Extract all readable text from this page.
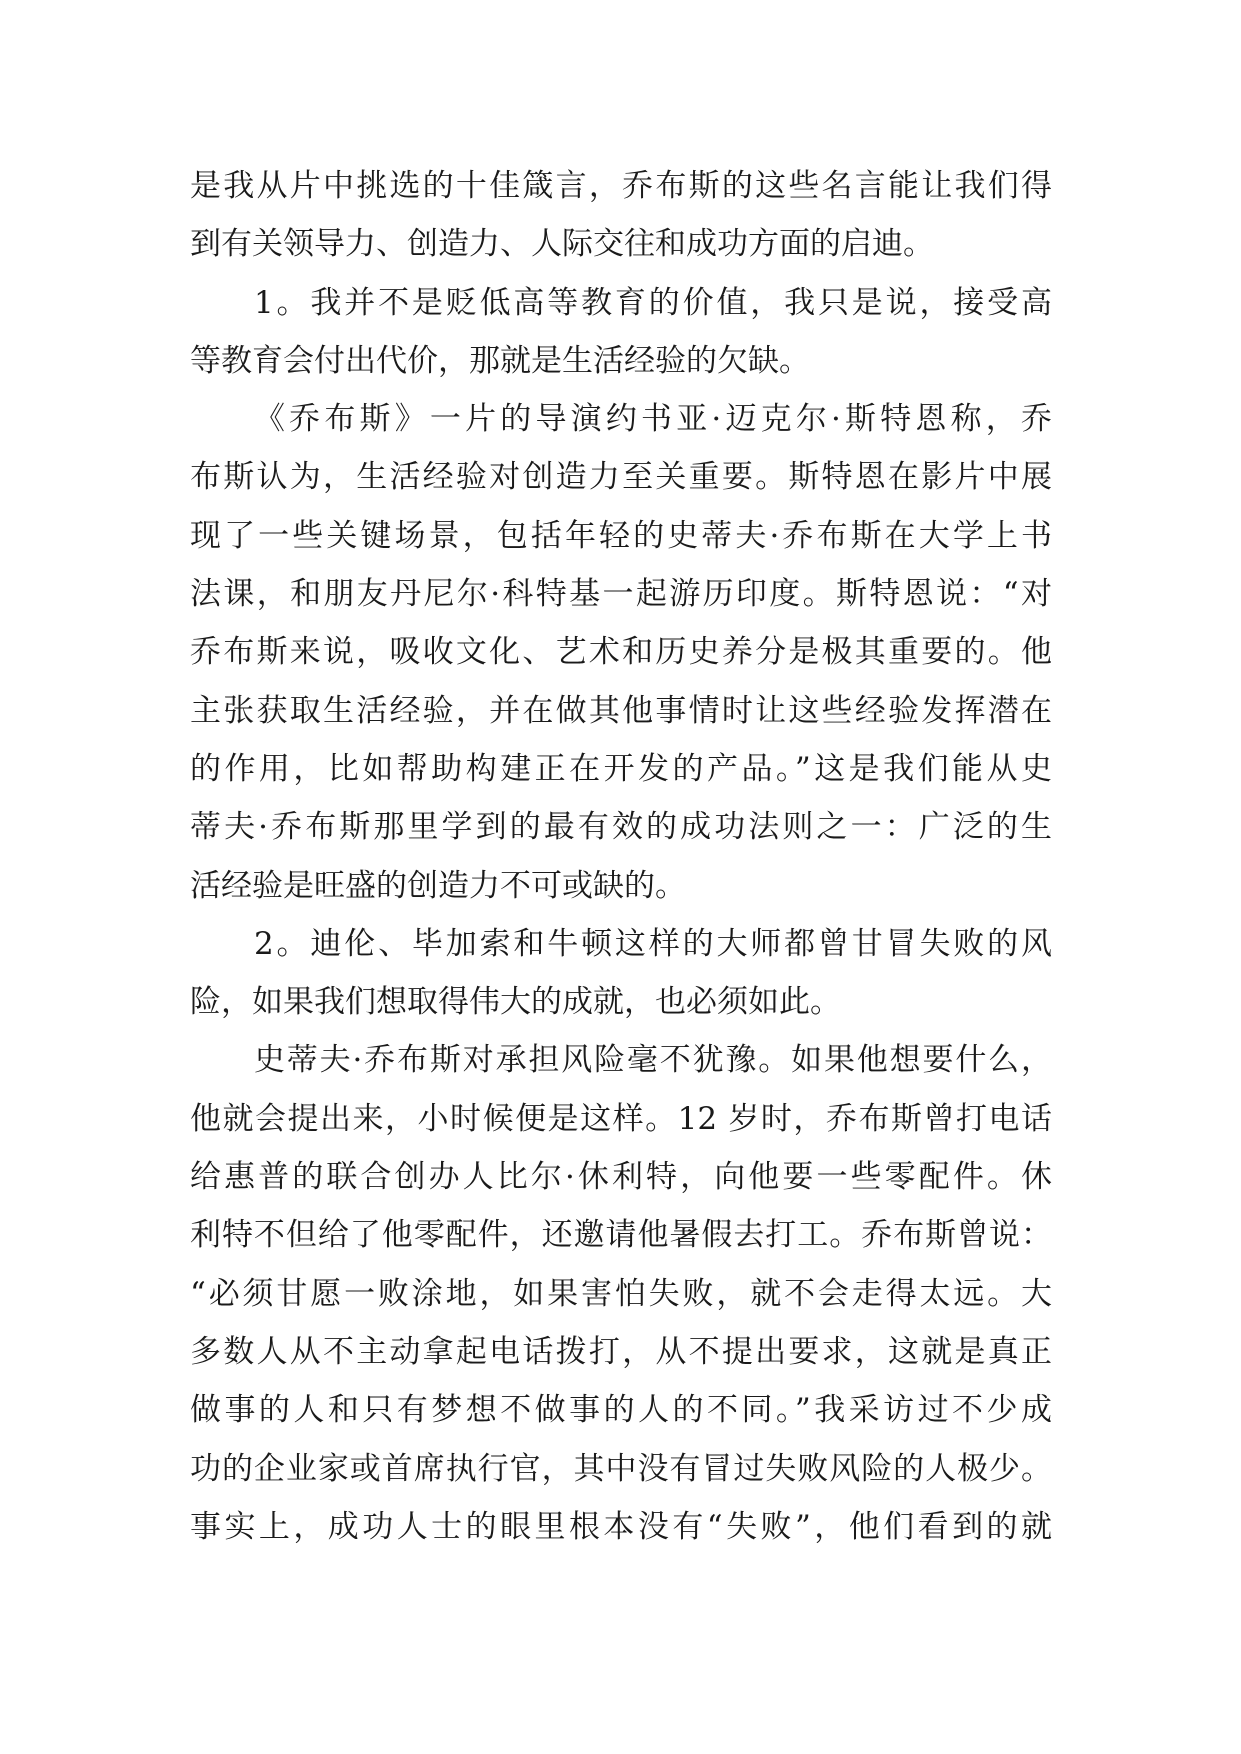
是我从片中挑选的十佳箴言，乔布斯的这些名言能让我们得
到有关领导力、创造力、人际交往和成功方面的启迪。
1。我并不是贬低高等教育的价值，我只是说，接受高
等教育会付出代价，那就是生活经验的欠缺。
《乔布斯》一片的导演约书亚·迈克尔·斯特恩称，乔
布斯认为，生活经验对创造力至关重要。斯特恩在影片中展
现了一些关键场景，包括年轻的史蒂夫·乔布斯在大学上书
法课，和朋友丹尼尔·科特基一起游历印度。斯特恩说：“对
乔布斯来说，吸收文化、艺术和历史养分是极其重要的。他
主张获取生活经验，并在做其他事情时让这些经验发挥潜在
的作用，比如帮助构建正在开发的产品。”这是我们能从史
蒂夫·乔布斯那里学到的最有效的成功法则之一：广泛的生
活经验是旺盛的创造力不可或缺的。
2。迪伦、毕加索和牛顿这样的大师都曾甘冒失败的风
险，如果我们想取得伟大的成就，也必须如此。
史蒂夫·乔布斯对承担风险毫不犹豫。如果他想要什么，
他就会提出来，小时候便是这样。12 岁时，乔布斯曾打电话
给惠普的联合创办人比尔·休利特，向他要一些零配件。休
利特不但给了他零配件，还邀请他暑假去打工。乔布斯曾说：
“必须甘愿一败涂地，如果害怕失败，就不会走得太远。大
多数人从不主动拿起电话拨打，从不提出要求，这就是真正
做事的人和只有梦想不做事的人的不同。”我采访过不少成
功的企业家或首席执行官，其中没有冒过失败风险的人极少。
事实上，成功人士的眼里根本没有“失败”，他们看到的就
